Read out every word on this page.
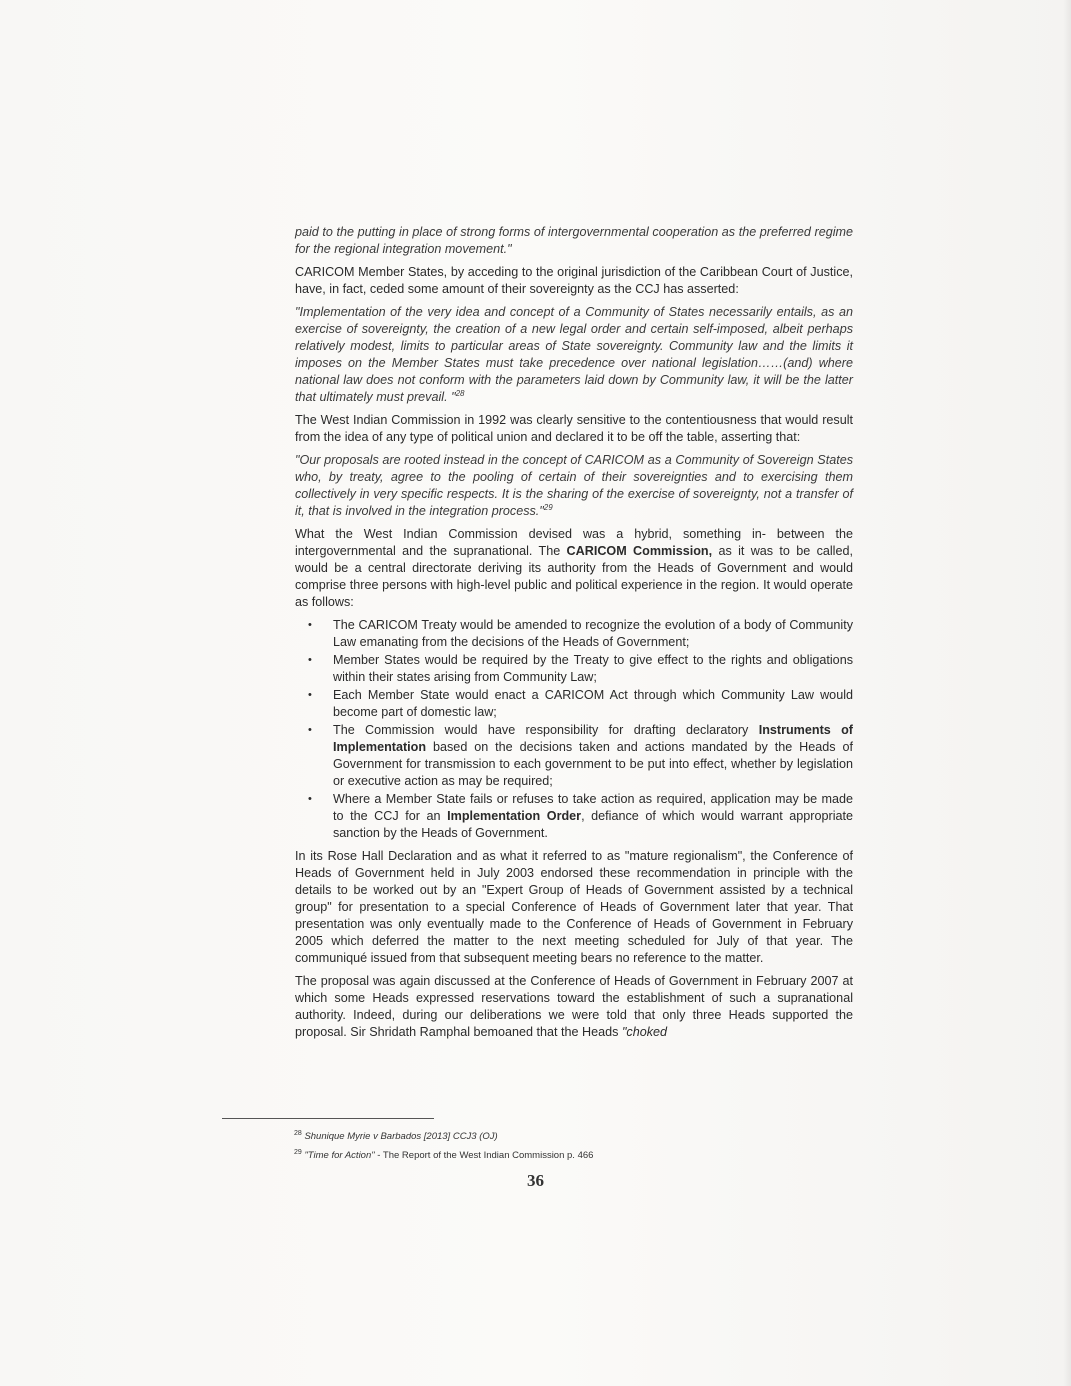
paid to the putting in place of strong forms of intergovernmental cooperation as the preferred regime for the regional integration movement."

CARICOM Member States, by acceding to the original jurisdiction of the Caribbean Court of Justice, have, in fact, ceded some amount of their sovereignty as the CCJ has asserted:

"Implementation of the very idea and concept of a Community of States necessarily entails, as an exercise of sovereignty, the creation of a new legal order and certain self-imposed, albeit perhaps relatively modest, limits to particular areas of State sovereignty. Community law and the limits it imposes on the Member States must take precedence over national legislation……(and) where national law does not conform with the parameters laid down by Community law, it will be the latter that ultimately must prevail. "$^{28}$

The West Indian Commission in 1992 was clearly sensitive to the contentiousness that would result from the idea of any type of political union and declared it to be off the table, asserting that:

"Our proposals are rooted instead in the concept of CARICOM as a Community of Sovereign States who, by treaty, agree to the pooling of certain of their sovereignties and to exercising them collectively in very specific respects. It is the sharing of the exercise of sovereignty, not a transfer of it, that is involved in the integration process."$^{29}$

What the West Indian Commission devised was a hybrid, something in- between the intergovernmental and the supranational. The CARICOM Commission, as it was to be called, would be a central directorate deriving its authority from the Heads of Government and would comprise three persons with high-level public and political experience in the region. It would operate as follows:

• The CARICOM Treaty would be amended to recognize the evolution of a body of Community Law emanating from the decisions of the Heads of Government;
• Member States would be required by the Treaty to give effect to the rights and obligations within their states arising from Community Law;
• Each Member State would enact a CARICOM Act through which Community Law would become part of domestic law;
• The Commission would have responsibility for drafting declaratory Instruments of Implementation based on the decisions taken and actions mandated by the Heads of Government for transmission to each government to be put into effect, whether by legislation or executive action as may be required;
• Where a Member State fails or refuses to take action as required, application may be made to the CCJ for an Implementation Order, defiance of which would warrant appropriate sanction by the Heads of Government.

In its Rose Hall Declaration and as what it referred to as "mature regionalism", the Conference of Heads of Government held in July 2003 endorsed these recommendation in principle with the details to be worked out by an "Expert Group of Heads of Government assisted by a technical group" for presentation to a special Conference of Heads of Government later that year. That presentation was only eventually made to the Conference of Heads of Government in February 2005 which deferred the matter to the next meeting scheduled for July of that year. The communiqué issued from that subsequent meeting bears no reference to the matter.

The proposal was again discussed at the Conference of Heads of Government in February 2007 at which some Heads expressed reservations toward the establishment of such a supranational authority. Indeed, during our deliberations we were told that only three Heads supported the proposal. Sir Shridath Ramphal bemoaned that the Heads "choked

$^{28}$ Shunique Myrie v Barbados [2013] CCJ3 (OJ)
$^{29}$ "Time for Action" - The Report of the West Indian Commission p. 466
36
